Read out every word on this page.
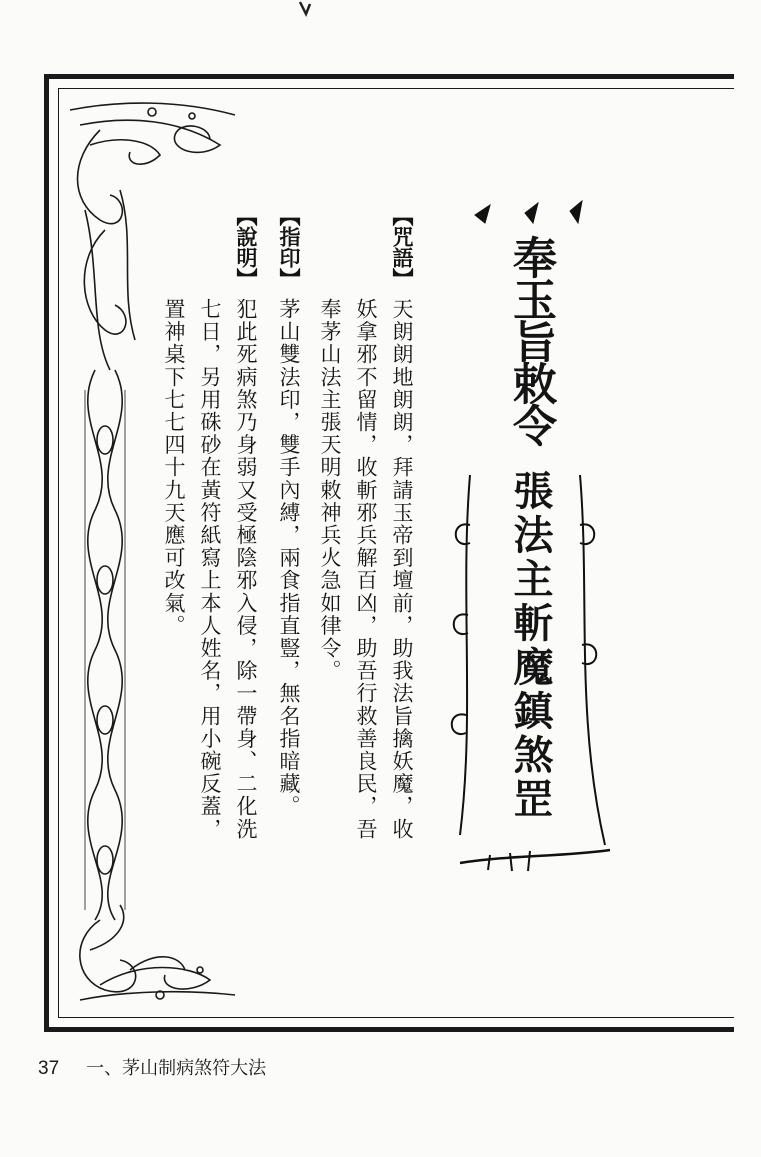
奉玉旨敕令
張法主斬魔鎮煞罡
【咒語】
天朗朗地朗朗，拜請玉帝到壇前，助我法旨擒妖魔，收
妖拿邪不留情，收斬邪兵解百凶，助吾行救善良民，吾
奉茅山法主張天明敕神兵火急如律令。
【指印】
茅山雙法印，雙手內縛，兩食指直豎，無名指暗藏。
【說明】
犯此死病煞乃身弱又受極陰邪入侵，除一帶身、二化洗
七日，另用硃砂在黃符紙寫上本人姓名，用小碗反蓋，
置神桌下七七四十九天應可改氣。
37 一、茅山制病煞符大法
